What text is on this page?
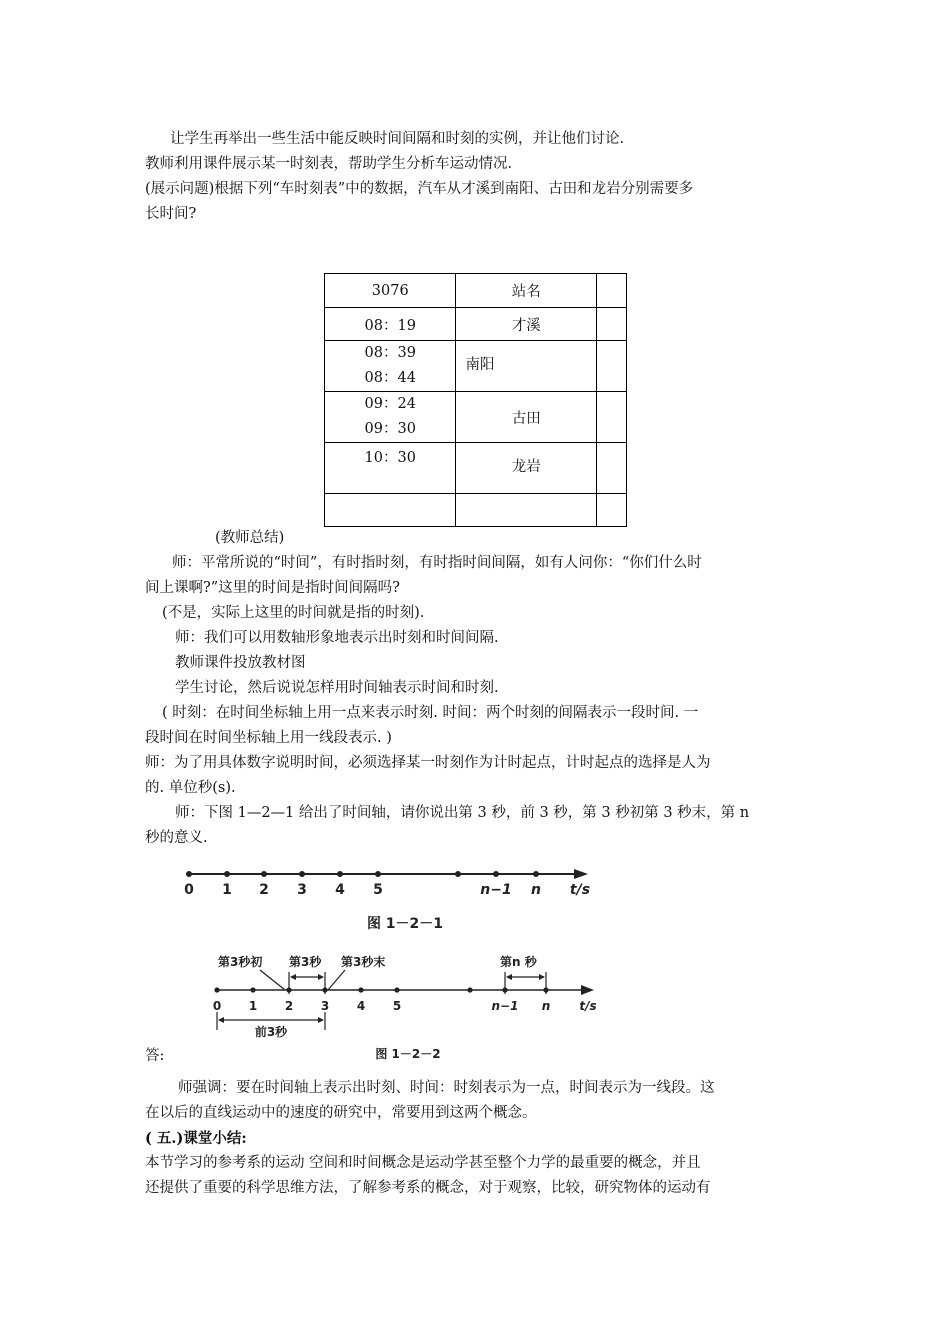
让学生再举出一些生活中能反映时间间隔和时刻的实例，并让他们讨论.

教师利用课件展示某一时刻表，帮助学生分析车运动情况.

(展示问题)根据下列“车时刻表”中的数据，汽车从才溪到南阳、古田和龙岩分别需要多

长时间?

3076	站名	
08：19	才溪	

08：39
08：44	南阳	

09：24
09：30	古田	
10：30	龙岩	

(教师总结)

师：平常所说的“时间”，有时指时刻，有时指时间间隔，如有人问你：“你们什么时

间上课啊?”这里的时间是指时间间隔吗?

(不是，实际上这里的时间就是指的时刻).

师：我们可以用数轴形象地表示出时刻和时间间隔.

教师课件投放教材图

学生讨论，然后说说怎样用时间轴表示时间和时刻.

( 时刻：在时间坐标轴上用一点来表示时刻. 时间：两个时刻的间隔表示一段时间. 一

段时间在时间坐标轴上用一线段表示. )

师：为了用具体数字说明时间，必须选择某一时刻作为计时起点，计时起点的选择是人为

的. 单位秒(s).

师：下图 1—2—1 给出了时间轴，请你说出第 3 秒，前 3 秒，第 3 秒初第 3 秒末，第 n

秒的意义.

0 1 2 3 4 5	n−1 n t/s
图 1－2－1
第3秒初 第3秒 第3秒末	第n 秒
0 1 2 3 4 5	n−1 n t/s
前3秒
图 1－2－2

答:

师强调：要在时间轴上表示出时刻、时间：时刻表示为一点，时间表示为一线段。这

在以后的直线运动中的速度的研究中，常要用到这两个概念。

( 五.)课堂小结:

本节学习的参考系的运动 空间和时间概念是运动学甚至整个力学的最重要的概念，并且

还提供了重要的科学思维方法，了解参考系的概念，对于观察，比较，研究物体的运动有
